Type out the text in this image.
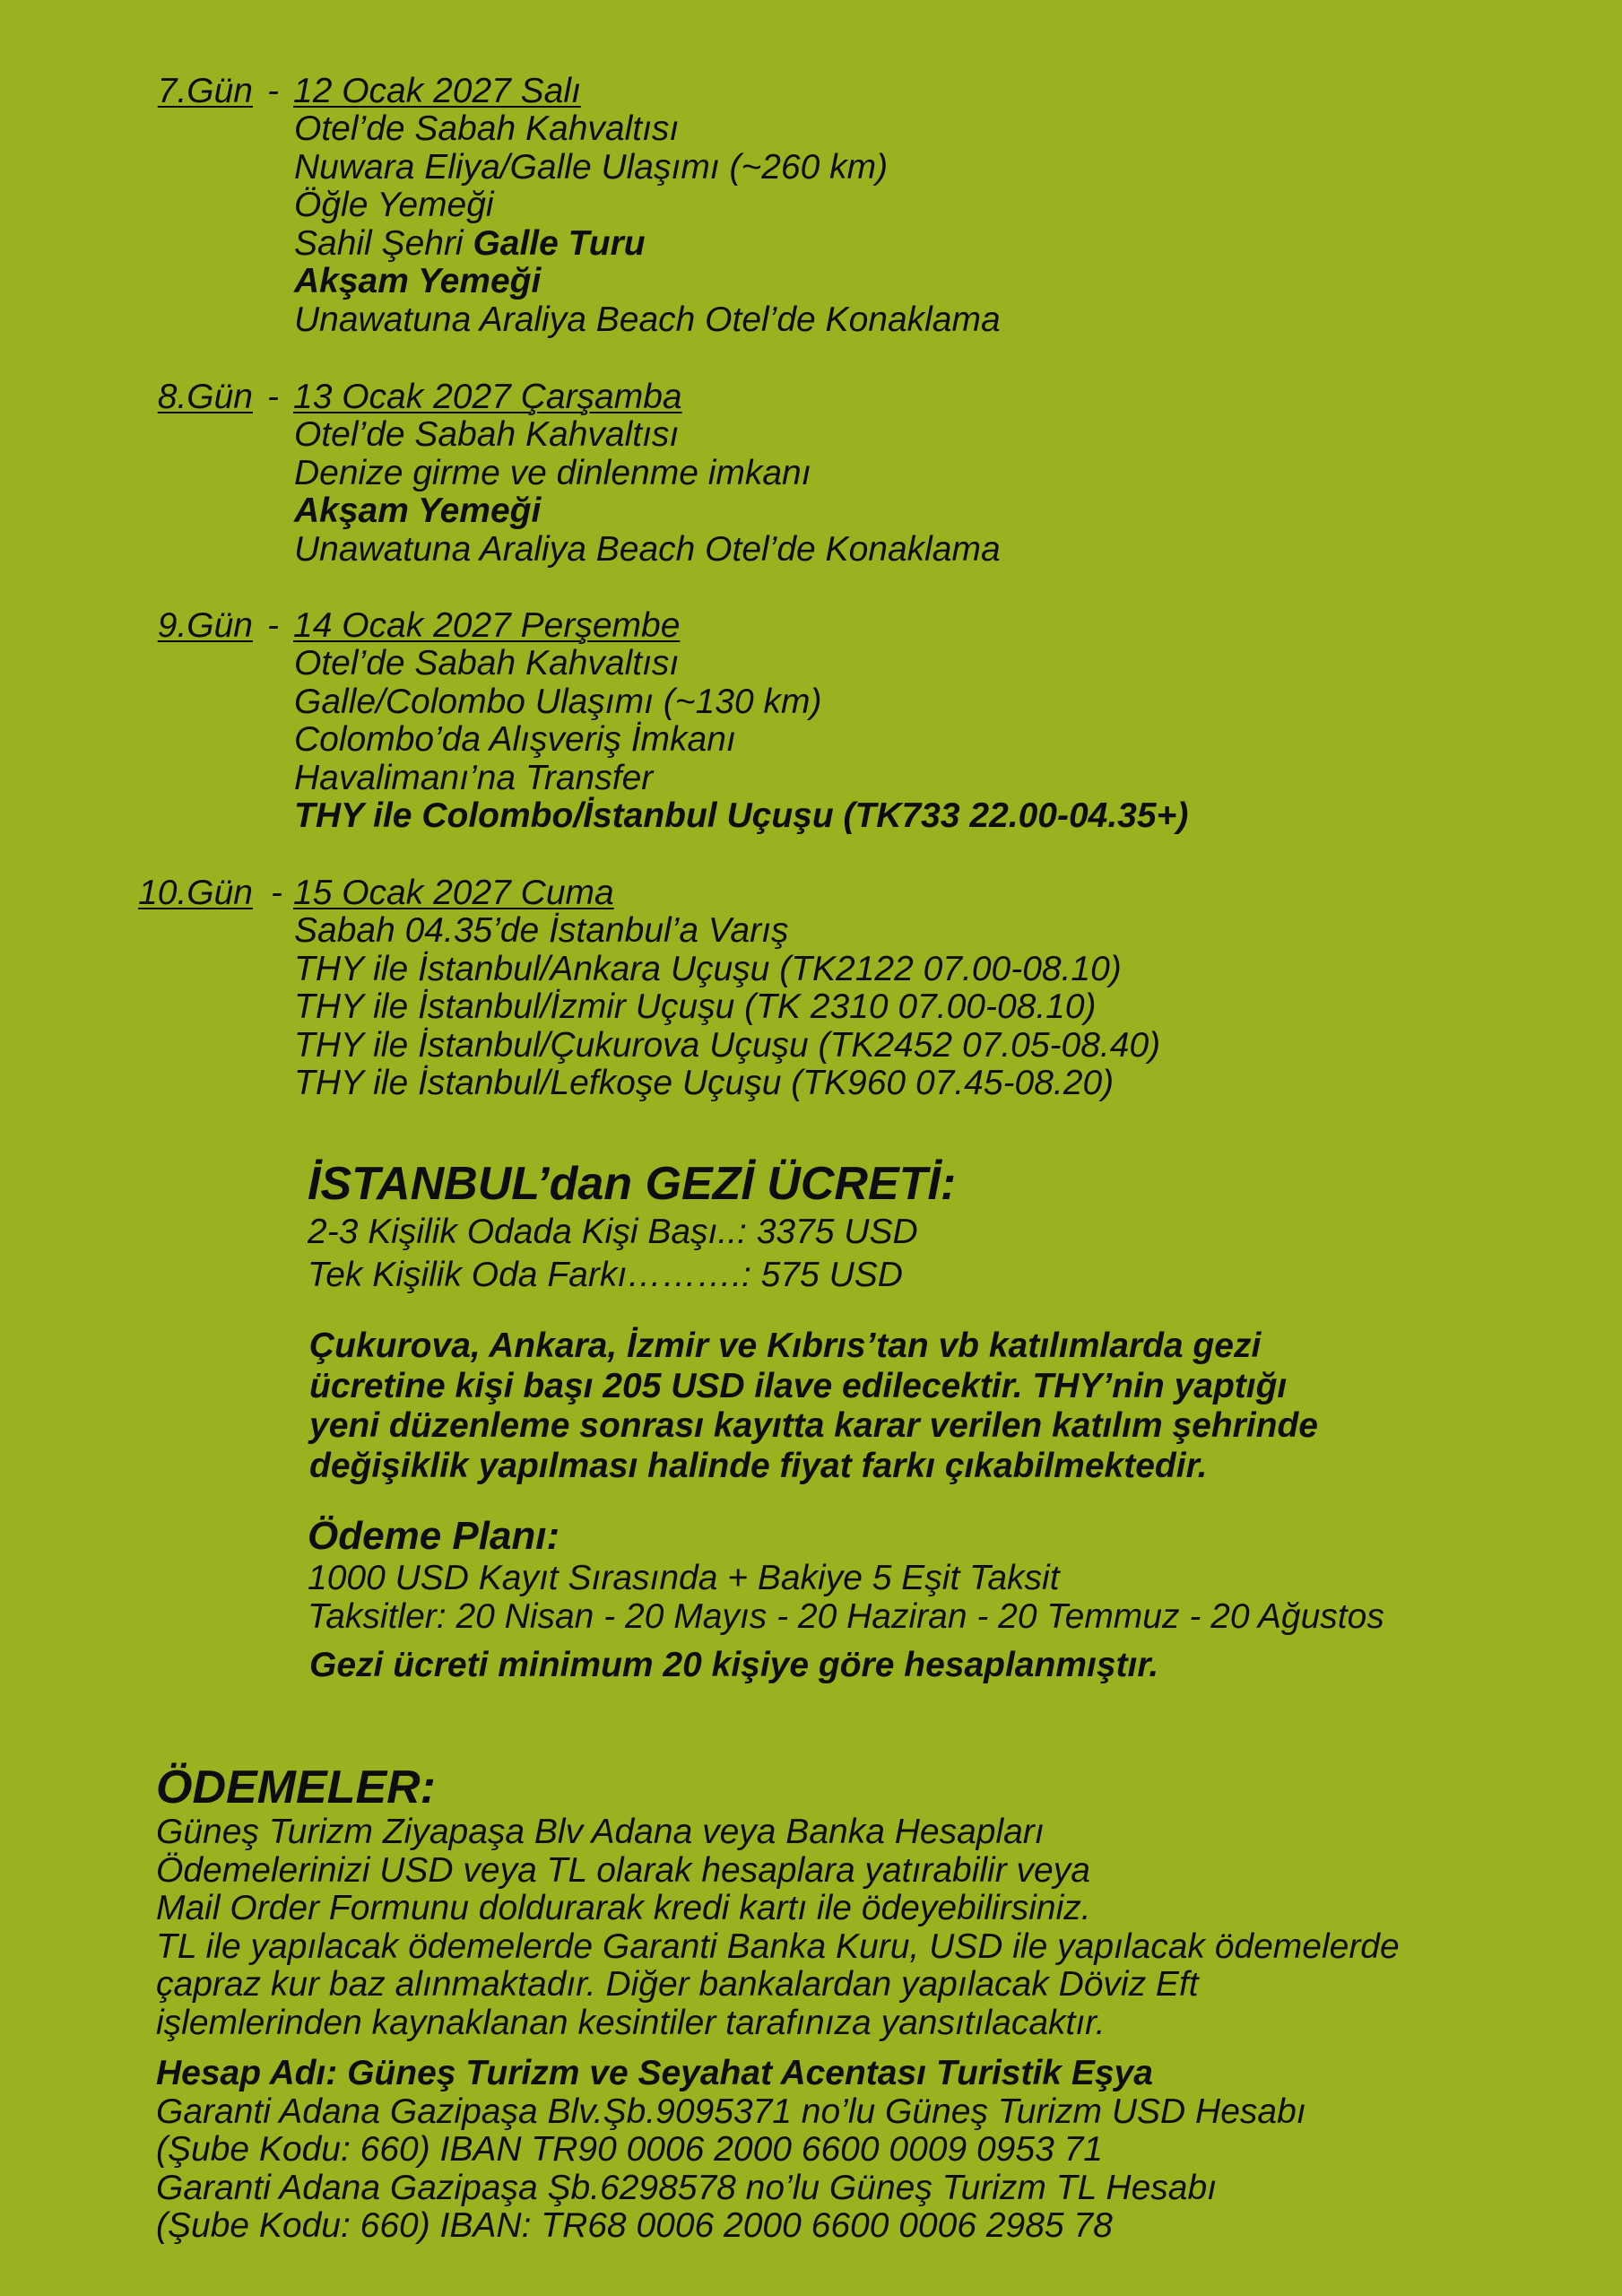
7.Gün - 12 Ocak 2027 Salı
Otel’de Sabah Kahvaltısı
Nuwara Eliya/Galle Ulaşımı (~260 km)
Öğle Yemeği
Sahil Şehri Galle Turu
Akşam Yemeği
Unawatuna Araliya Beach Otel’de Konaklama
8.Gün - 13 Ocak 2027 Çarşamba
Otel’de Sabah Kahvaltısı
Denize girme ve dinlenme imkanı
Akşam Yemeği
Unawatuna Araliya Beach Otel’de Konaklama
9.Gün - 14 Ocak 2027 Perşembe
Otel’de Sabah Kahvaltısı
Galle/Colombo Ulaşımı (~130 km)
Colombo’da Alışveriş İmkanı
Havalimanı’na Transfer
THY ile Colombo/İstanbul Uçuşu (TK733 22.00-04.35+)
10.Gün - 15 Ocak 2027 Cuma
Sabah 04.35’de İstanbul’a Varış
THY ile İstanbul/Ankara Uçuşu (TK2122 07.00-08.10)
THY ile İstanbul/İzmir Uçuşu (TK 2310 07.00-08.10)
THY ile İstanbul/Çukurova Uçuşu (TK2452 07.05-08.40)
THY ile İstanbul/Lefkoşe Uçuşu (TK960 07.45-08.20)
İSTANBUL’dan GEZİ ÜCRETİ:
2-3 Kişilik Odada Kişi Başı..: 3375 USD
Tek Kişilik Oda Farkı……….: 575 USD
Çukurova, Ankara, İzmir ve Kıbrıs’tan vb katılımlarda gezi
ücretine kişi başı 205 USD ilave edilecektir. THY’nin yaptığı
yeni düzenleme sonrası kayıtta karar verilen katılım şehrinde
değişiklik yapılması halinde fiyat farkı çıkabilmektedir.
Ödeme Planı:
1000 USD Kayıt Sırasında + Bakiye 5 Eşit Taksit
Taksitler: 20 Nisan - 20 Mayıs - 20 Haziran - 20 Temmuz - 20 Ağustos
Gezi ücreti minimum 20 kişiye göre hesaplanmıştır.
ÖDEMELER:
Güneş Turizm Ziyapaşa Blv Adana veya Banka Hesapları
Ödemelerinizi USD veya TL olarak hesaplara yatırabilir veya
Mail Order Formunu doldurarak kredi kartı ile ödeyebilirsiniz.
TL ile yapılacak ödemelerde Garanti Banka Kuru, USD ile yapılacak ödemelerde
çapraz kur baz alınmaktadır. Diğer bankalardan yapılacak Döviz Eft
işlemlerinden kaynaklanan kesintiler tarafınıza yansıtılacaktır.
Hesap Adı: Güneş Turizm ve Seyahat Acentası Turistik Eşya
Garanti Adana Gazipaşa Blv.Şb.9095371 no’lu Güneş Turizm USD Hesabı
(Şube Kodu: 660) IBAN TR90 0006 2000 6600 0009 0953 71
Garanti Adana Gazipaşa Şb.6298578 no’lu Güneş Turizm TL Hesabı
(Şube Kodu: 660) IBAN: TR68 0006 2000 6600 0006 2985 78
